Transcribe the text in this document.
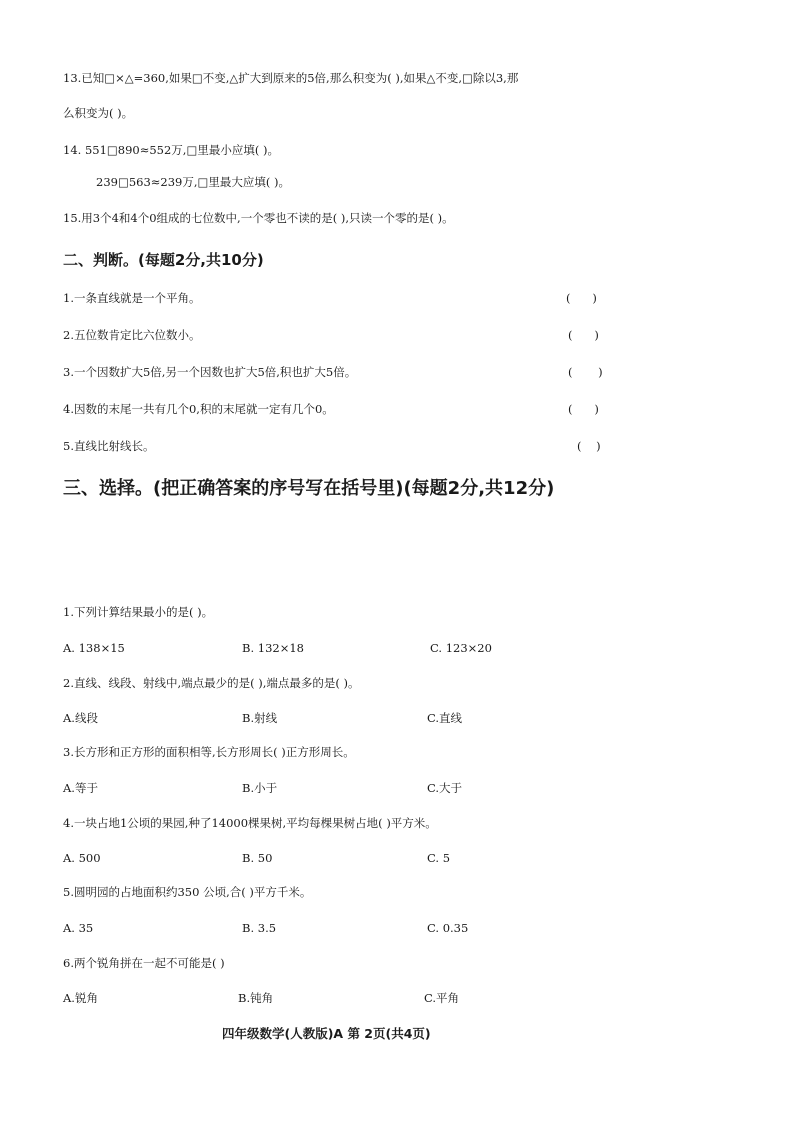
13.已知□×△=360,如果□不变,△扩大到原来的5倍,那么积变为( ),如果△不变,□除以3,那
么积变为( )。
14. 551□890≈552万,□里最小应填( )。
239□563≈239万,□里最大应填( )。
15.用3个4和4个0组成的七位数中,一个零也不读的是( ),只读一个零的是( )。
二、判断。(每题2分,共10分)
1.一条直线就是一个平角。	(      )
2.五位数肯定比六位数小。	(      )
3.一个因数扩大5倍,另一个因数也扩大5倍,积也扩大5倍。	(       )
4.因数的末尾一共有几个0,积的末尾就一定有几个0。	(      )
5.直线比射线长。	(    )
三、选择。(把正确答案的序号写在括号里)(每题2分,共12分)
1.下列计算结果最小的是( )。
A. 138×15	B. 132×18	C. 123×20
2.直线、线段、射线中,端点最少的是( ),端点最多的是( )。
A.线段	B.射线	C.直线
3.长方形和正方形的面积相等,长方形周长( )正方形周长。
A.等于	B.小于	C.大于
4.一块占地1公顷的果园,种了14000棵果树,平均每棵果树占地( )平方米。
A. 500	B. 50	C. 5
5.圆明园的占地面积约350 公顷,合( )平方千米。
A. 35	B. 3.5	C. 0.35
6.两个锐角拼在一起不可能是( )
A.锐角	B.钝角	C.平角
四年级数学(人教版)A 第 2页(共4页)
